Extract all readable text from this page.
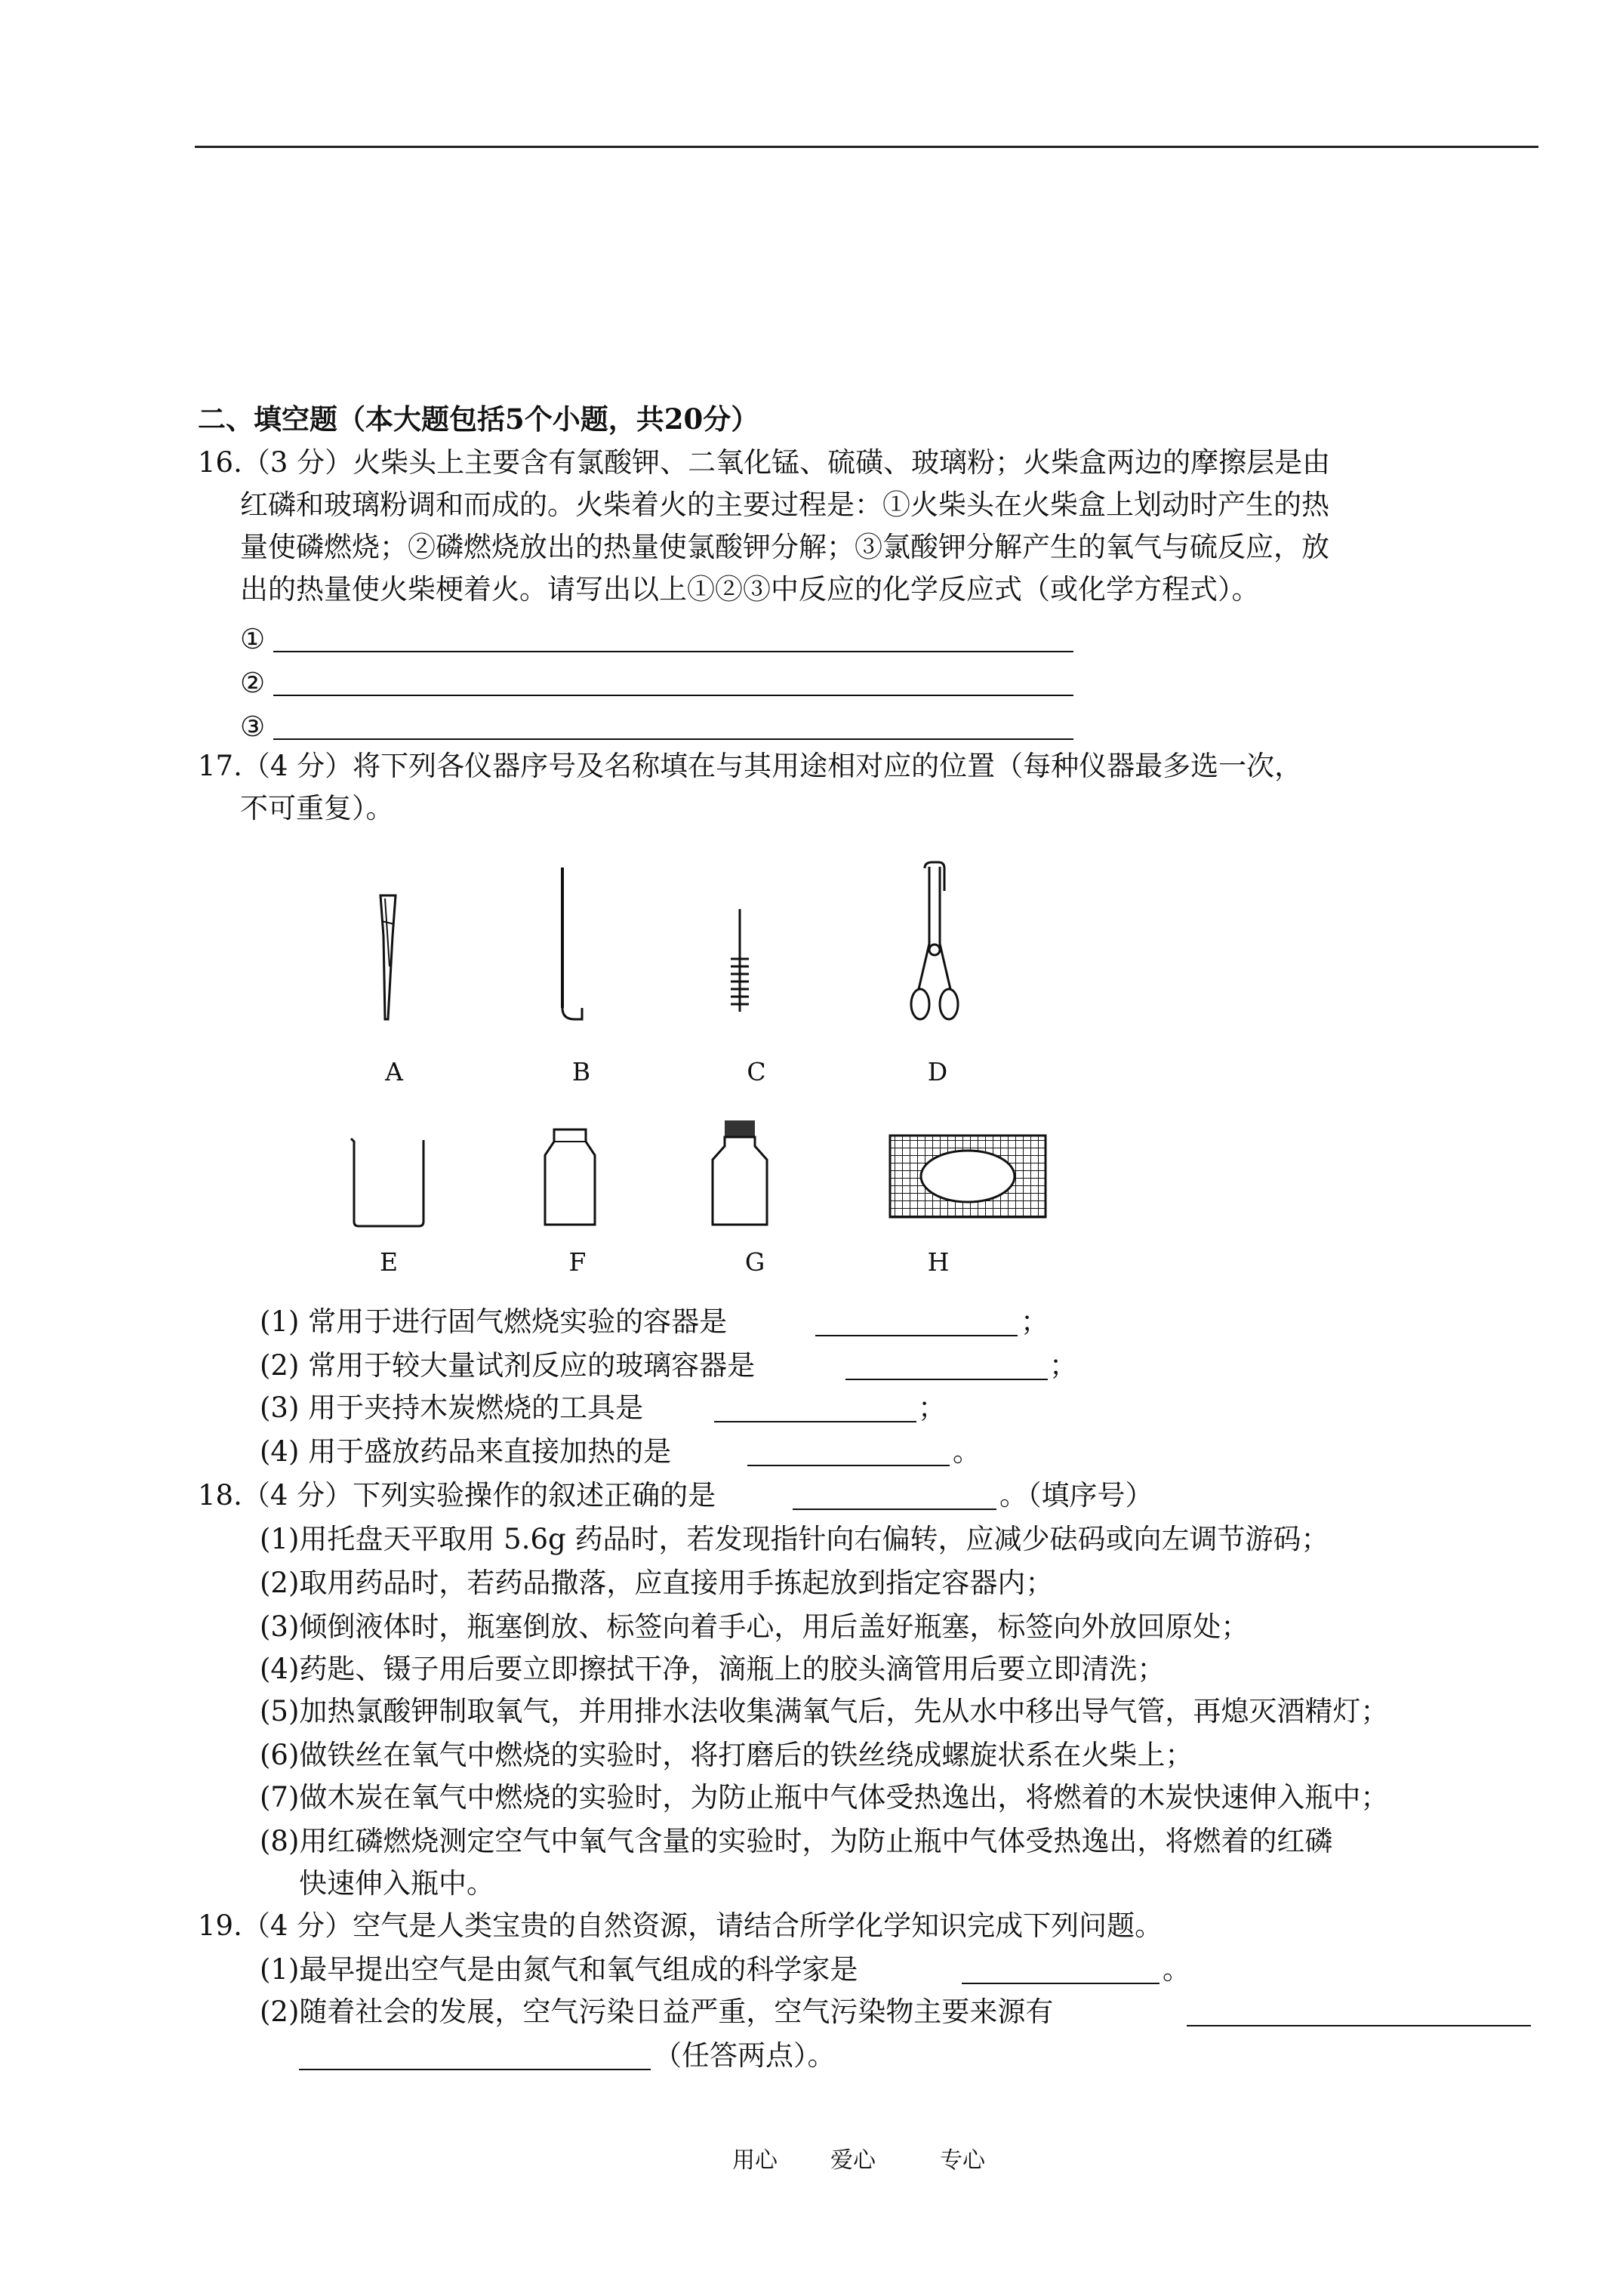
二、填空题（本大题包括5个小题，共20分）
16.（3 分）火柴头上主要含有氯酸钾、二氧化锰、硫磺、玻璃粉；火柴盒两边的摩擦层是由
红磷和玻璃粉调和而成的。火柴着火的主要过程是：①火柴头在火柴盒上划动时产生的热
量使磷燃烧；②磷燃烧放出的热量使氯酸钾分解；③氯酸钾分解产生的氧气与硫反应，放
出的热量使火柴梗着火。请写出以上①②③中反应的化学反应式（或化学方程式）。
①
②
③
17.（4 分）将下列各仪器序号及名称填在与其用途相对应的位置（每种仪器最多选一次，
不可重复）。
A	B	C	D
E	F	G	H
(1) 常用于进行固气燃烧实验的容器是	；
(2) 常用于较大量试剂反应的玻璃容器是	；
(3) 用于夹持木炭燃烧的工具是	；
(4) 用于盛放药品来直接加热的是	。
18.（4 分）下列实验操作的叙述正确的是	。（填序号）
(1)用托盘天平取用 5.6g 药品时，若发现指针向右偏转，应减少砝码或向左调节游码；
(2)取用药品时，若药品撒落，应直接用手拣起放到指定容器内；
(3)倾倒液体时，瓶塞倒放、标签向着手心，用后盖好瓶塞，标签向外放回原处；
(4)药匙、镊子用后要立即擦拭干净，滴瓶上的胶头滴管用后要立即清洗；
(5)加热氯酸钾制取氧气，并用排水法收集满氧气后，先从水中移出导气管，再熄灭酒精灯；
(6)做铁丝在氧气中燃烧的实验时，将打磨后的铁丝绕成螺旋状系在火柴上；
(7)做木炭在氧气中燃烧的实验时，为防止瓶中气体受热逸出，将燃着的木炭快速伸入瓶中；
(8)用红磷燃烧测定空气中氧气含量的实验时，为防止瓶中气体受热逸出，将燃着的红磷
快速伸入瓶中。
19.（4 分）空气是人类宝贵的自然资源，请结合所学化学知识完成下列问题。
(1)最早提出空气是由氮气和氧气组成的科学家是	。
(2)随着社会的发展，空气污染日益严重，空气污染物主要来源有
（任答两点）。
用心 爱心	专心
